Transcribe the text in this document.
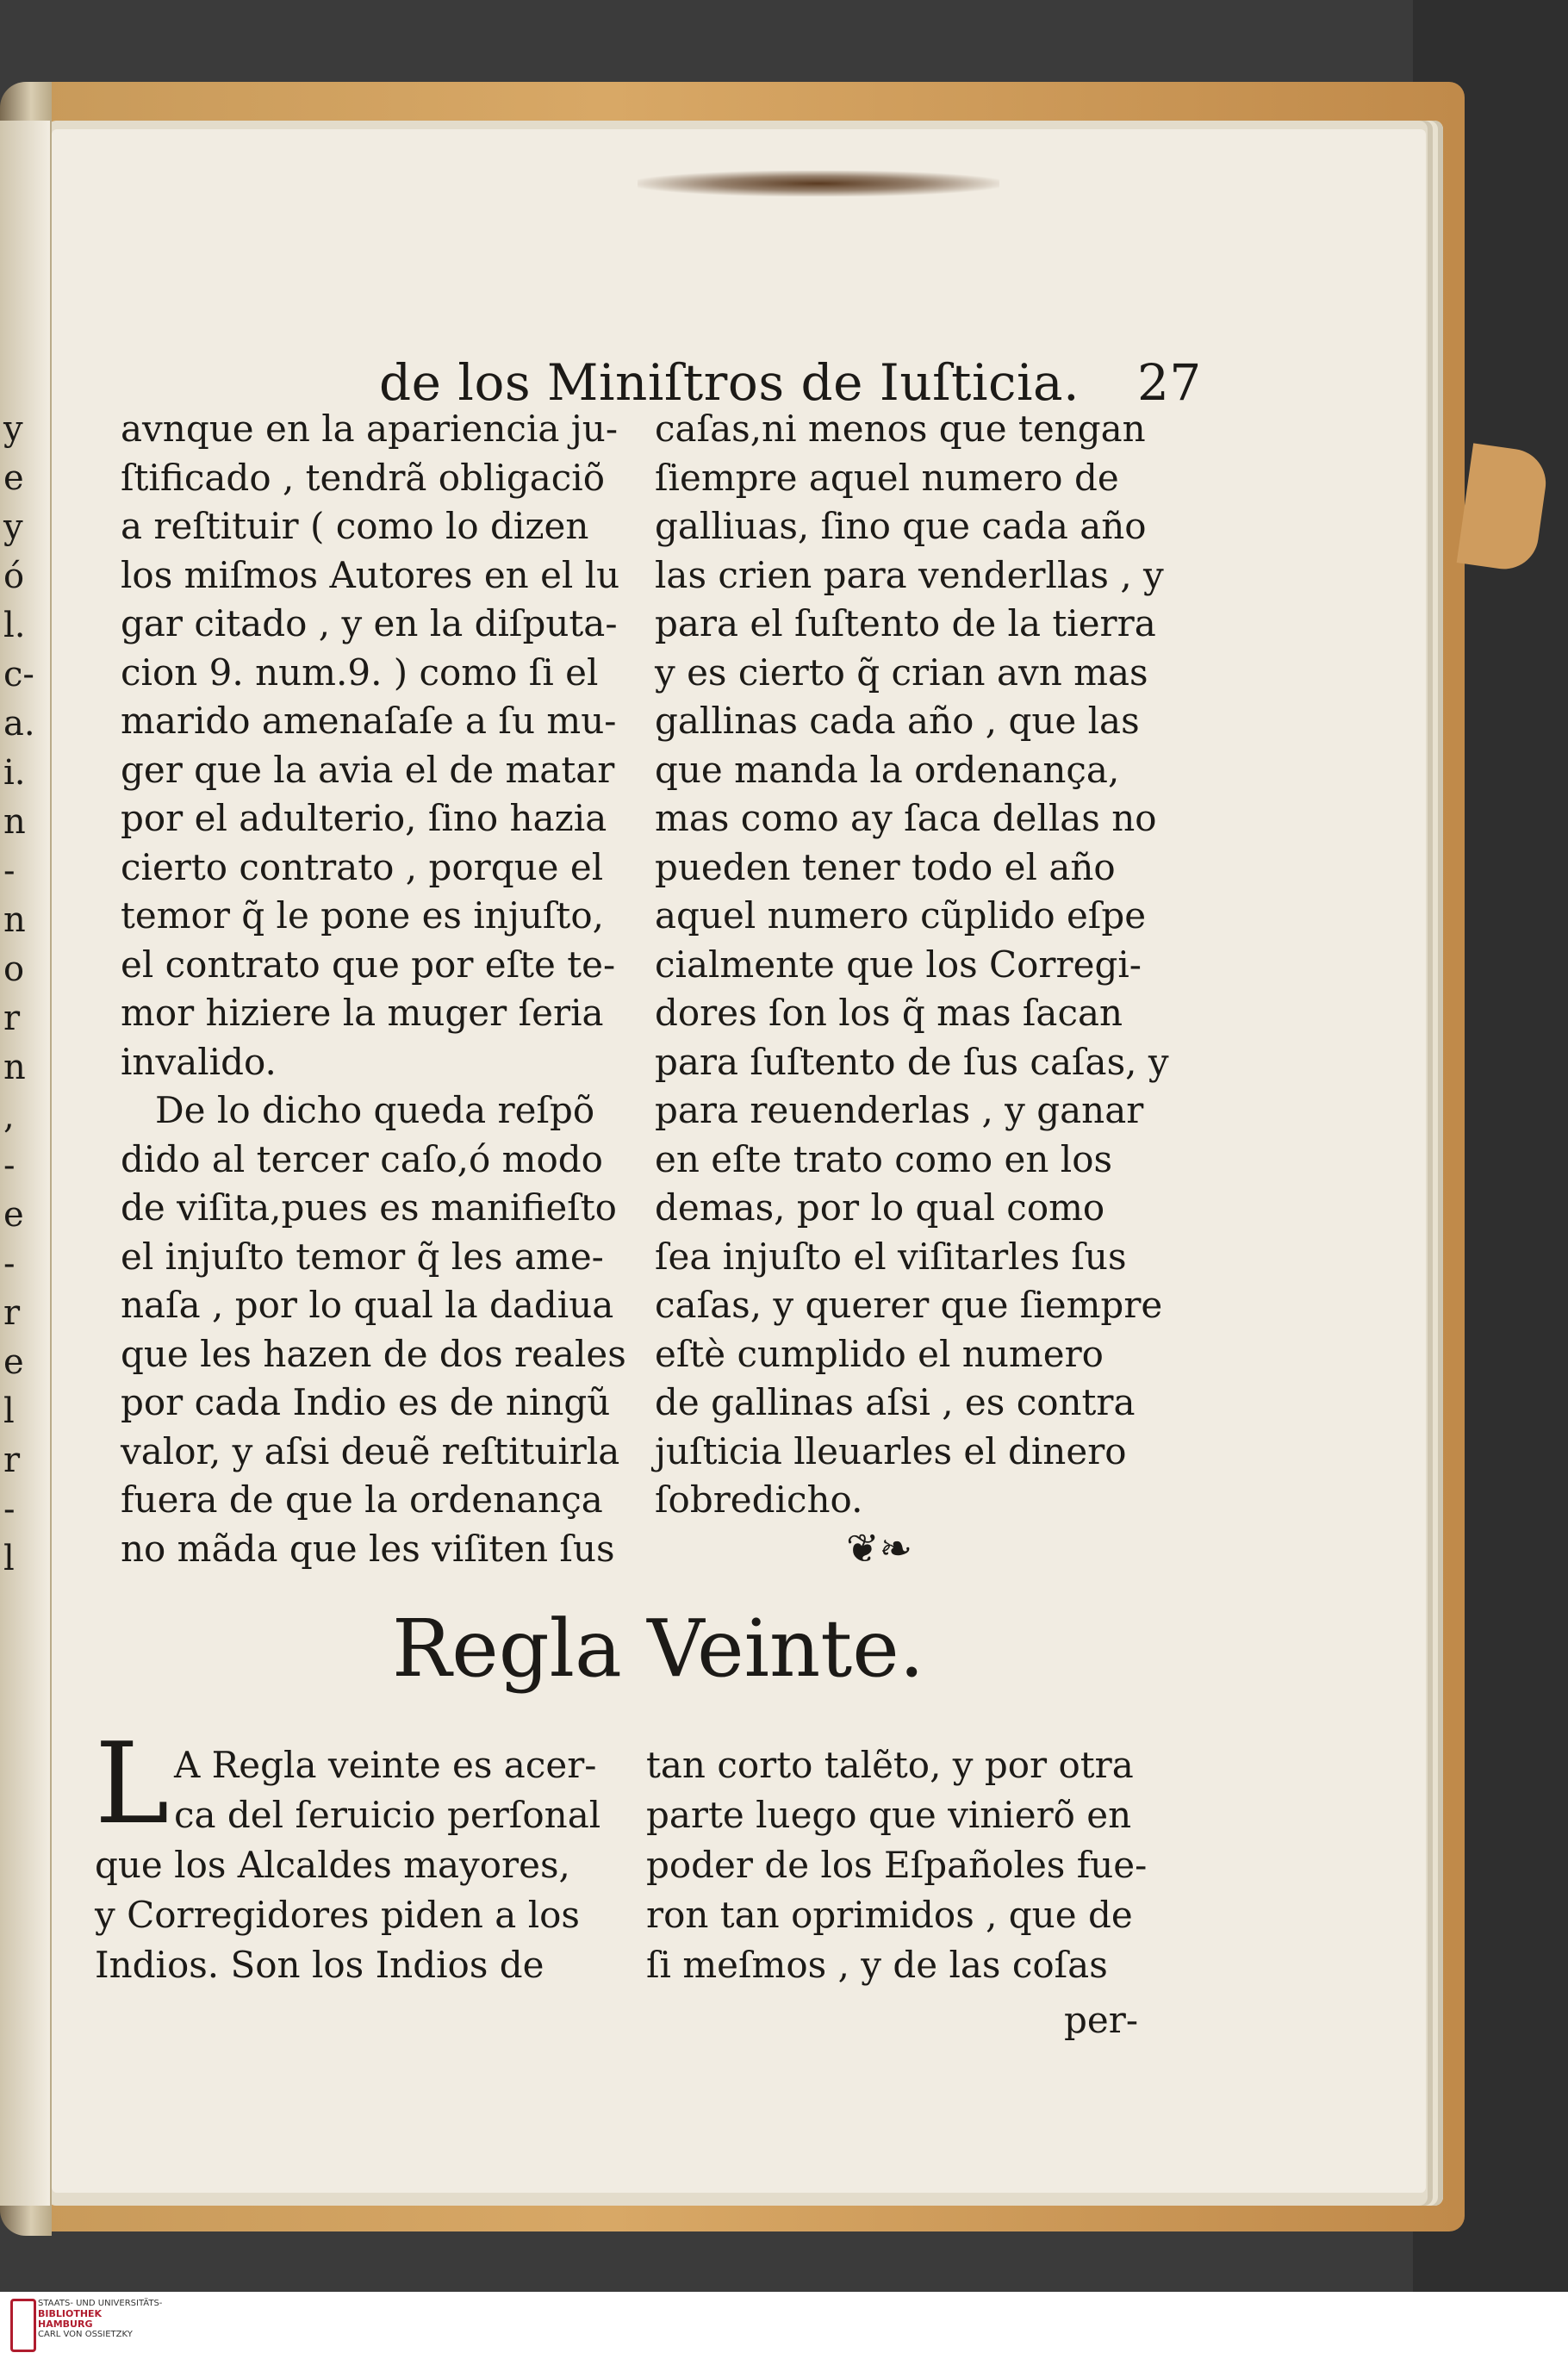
y
e
y
ó
l.
c-
a.
i.
n
-
n
o
r
n
,
-
e
-
r
e
l
r
-
l
de los Miniſtros de Iuſticia. 27
avnque en la apariencia ju-
ſtificado , tendrã obligaciõ
a reſtituir ( como lo dizen
los miſmos Autores en el lu
gar citado , y en la diſputa-
cion 9. num.9. ) como ſi el
marido amenaſaſe a ſu mu-
ger que la avia el de matar
por el adulterio, ſino hazia
cierto contrato , porque el
temor q̃ le pone es injuſto,
el contrato que por eſte te-
mor hiziere la muger ſeria
invalido.
De lo dicho queda reſpõ
dido al tercer caſo,ó modo
de viſita,pues es manifieſto
el injuſto temor q̃ les ame-
naſa , por lo qual la dadiua
que les hazen de dos reales
por cada Indio es de ningũ
valor, y aſsi deuẽ reſtituirla
fuera de que la ordenança
no mãda que les viſiten ſus
caſas,ni menos que tengan
ſiempre aquel numero de
galliuas, ſino que cada año
las crien para venderllas , y
para el ſuſtento de la tierra
y es cierto q̃ crian avn mas
gallinas cada año , que las
que manda la ordenança,
mas como ay ſaca dellas no
pueden tener todo el año
aquel numero cũplido eſpe
cialmente que los Corregi-
dores ſon los q̃ mas ſacan
para ſuſtento de ſus caſas, y
para reuenderlas , y ganar
en eſte trato como en los
demas, por lo qual como
ſea injuſto el viſitarles ſus
caſas, y querer que ſiempre
eſtè cumplido el numero
de gallinas aſsi , es contra
juſticia lleuarles el dinero
ſobredicho.
❦❧
Regla Veinte.
L A Regla veinte es acer-
ca del ſeruicio perſonal
que los Alcaldes mayores,
y Corregidores piden a los
Indios. Son los Indios de
tan corto talẽto, y por otra
parte luego que vinierõ en
poder de los Eſpañoles fue-
ron tan oprimidos , que de
ſi meſmos , y de las coſas
per-
STAATS- UND UNIVERSITÄTS-
BIBLIOTHEK
HAMBURG
CARL VON OSSIETZKY
